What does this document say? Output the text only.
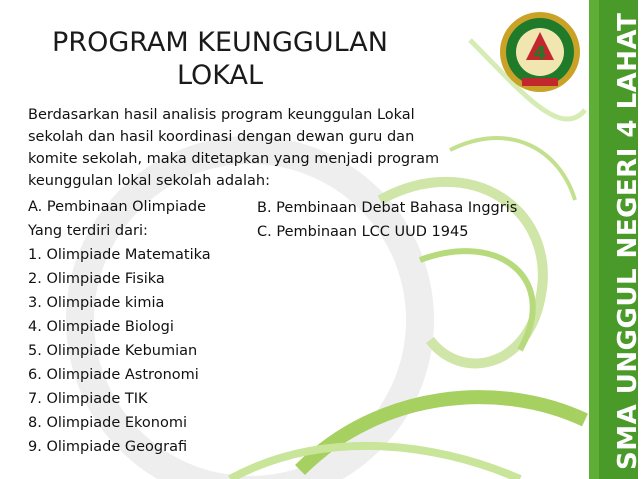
PROGRAM KEUNGGULAN
LOKAL
4
Berdasarkan hasil analisis program keunggulan Lokal sekolah dan hasil koordinasi dengan dewan guru dan komite sekolah, maka ditetapkan yang menjadi program keunggulan lokal sekolah adalah:
A. Pembinaan Olimpiade
Yang terdiri dari:
1. Olimpiade Matematika
2. Olimpiade Fisika
3. Olimpiade kimia
4. Olimpiade Biologi
5. Olimpiade Kebumian
6. Olimpiade Astronomi
7. Olimpiade TIK
8. Olimpiade Ekonomi
9. Olimpiade Geografi
B. Pembinaan Debat Bahasa Inggris
C. Pembinaan LCC UUD 1945	SMA UNGGUL NEGERI 4 LAHAT
